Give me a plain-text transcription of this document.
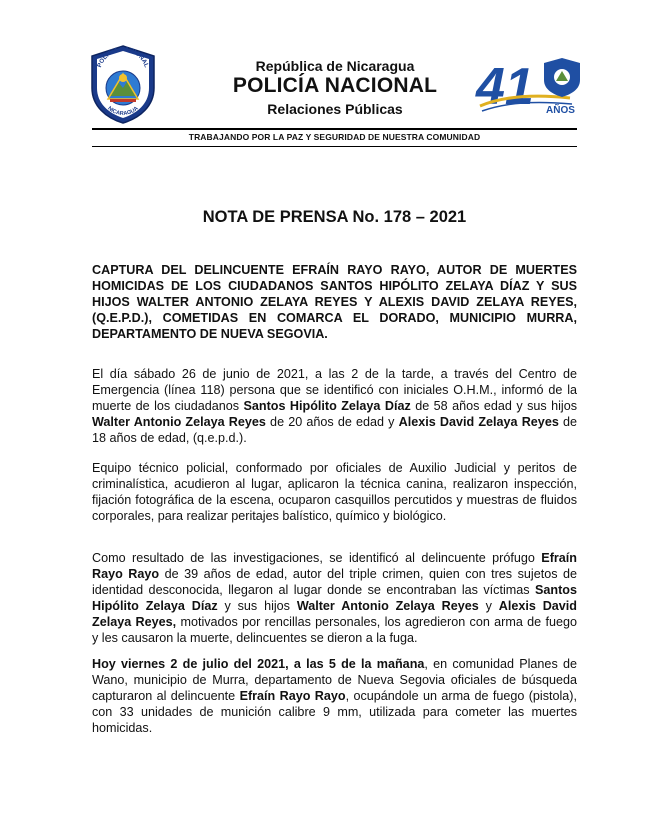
POLICIA NACIONAL
NICARAGUA

República de Nicaragua

POLICÍA NACIONAL

Relaciones Públicas	41 AÑOS
TRABAJANDO POR LA PAZ Y SEGURIDAD DE NUESTRA COMUNIDAD
NOTA DE PRENSA No. 178 – 2021

CAPTURA DEL DELINCUENTE EFRAÍN RAYO RAYO, AUTOR DE MUERTES HOMICIDAS DE LOS CIUDADANOS SANTOS HIPÓLITO ZELAYA DÍAZ Y SUS HIJOS WALTER ANTONIO ZELAYA REYES Y ALEXIS DAVID ZELAYA REYES, (Q.E.P.D.), COMETIDAS EN COMARCA EL DORADO, MUNICIPIO MURRA, DEPARTAMENTO DE NUEVA SEGOVIA.

El día sábado 26 de junio de 2021, a las 2 de la tarde, a través del Centro de Emergencia (línea 118) persona que se identificó con iniciales O.H.M., informó de la muerte de los ciudadanos Santos Hipólito Zelaya Díaz de 58 años edad y sus hijos Walter Antonio Zelaya Reyes de 20 años de edad y Alexis David Zelaya Reyes de 18 años de edad, (q.e.p.d.).

Equipo técnico policial, conformado por oficiales de Auxilio Judicial y peritos de criminalística, acudieron al lugar, aplicaron la técnica canina, realizaron inspección, fijación fotográfica de la escena, ocuparon casquillos percutidos y muestras de fluidos corporales, para realizar peritajes balístico, químico y biológico.

Como resultado de las investigaciones, se identificó al delincuente prófugo Efraín Rayo Rayo de 39 años de edad, autor del triple crimen, quien con tres sujetos de identidad desconocida, llegaron al lugar donde se encontraban las víctimas Santos Hipólito Zelaya Díaz y sus hijos Walter Antonio Zelaya Reyes y Alexis David Zelaya Reyes, motivados por rencillas personales, los agredieron con arma de fuego y les causaron la muerte, delincuentes se dieron a la fuga.

Hoy viernes 2 de julio del 2021, a las 5 de la mañana, en comunidad Planes de Wano, municipio de Murra, departamento de Nueva Segovia oficiales de búsqueda capturaron al delincuente Efraín Rayo Rayo, ocupándole un arma de fuego (pistola), con 33 unidades de munición calibre 9 mm, utilizada para cometer las muertes homicidas.
